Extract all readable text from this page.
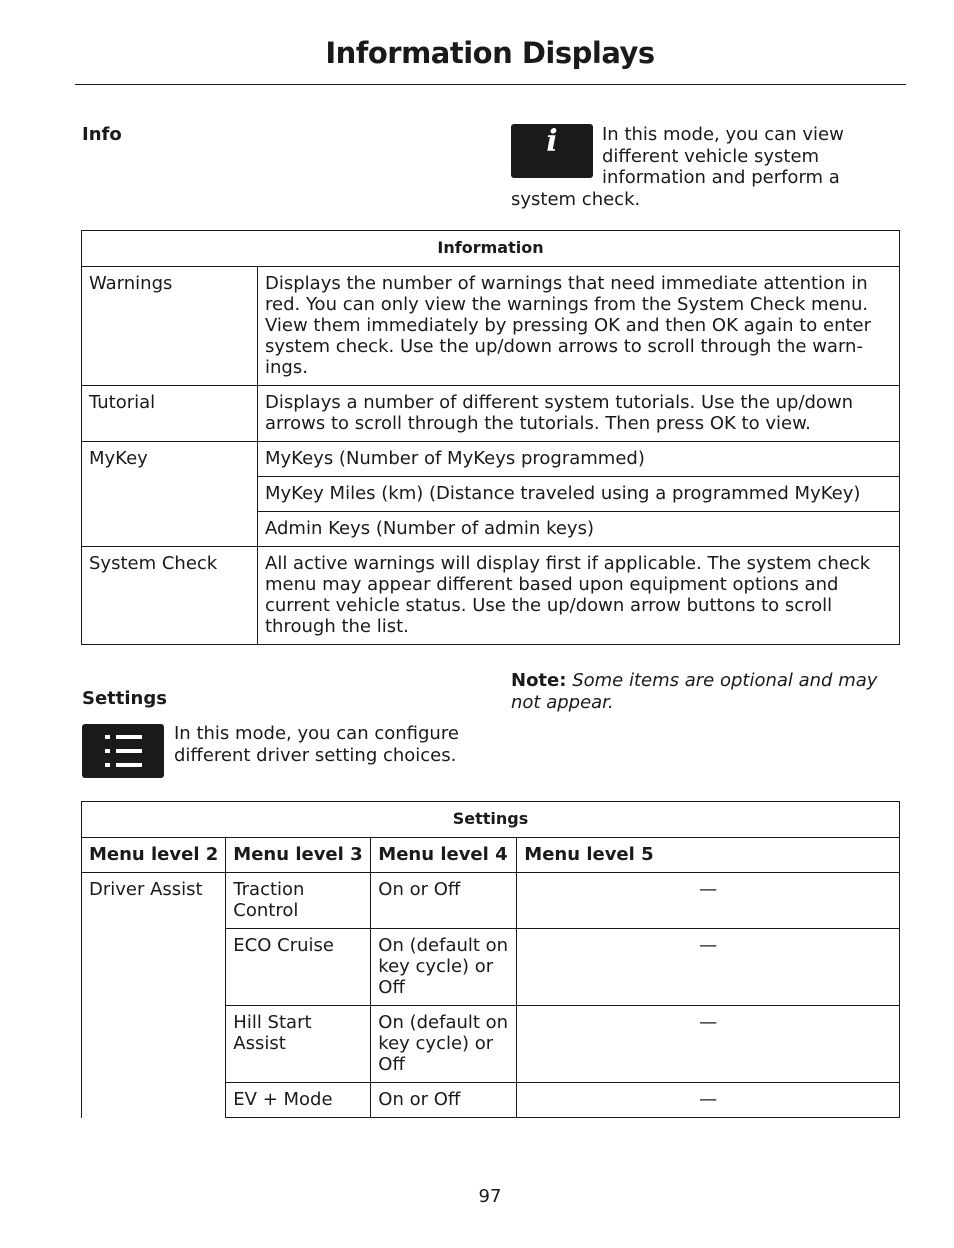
Information Displays
Info	i	In this mode, you can view different vehicle system information and perform a system check.
Information	
Warnings	Displays the number of warnings that need immediate attention in red. You can only view the warnings from the System Check menu. View them immediately by pressing OK and then OK again to enter system check. Use the up/down arrows to scroll through the warn-ings.
Tutorial	Displays a number of different system tutorials. Use the up/down arrows to scroll through the tutorials. Then press OK to view.
MyKey	MyKeys (Number of MyKeys programmed)
	MyKey Miles (km) (Distance traveled using a programmed MyKey)
	Admin Keys (Number of admin keys)
System Check	All active warnings will display first if applicable. The system check menu may appear different based upon equipment options and current vehicle status. Use the up/down arrow buttons to scroll through the list.
Note: Some items are optional and may not appear.
Settings
In this mode, you can configure different driver setting choices.
Settings			
Menu level 2	Menu level 3	Menu level 4	Menu level 5
Driver Assist	Traction Control	On or Off	—
	ECO Cruise	On (default on key cycle) or Off	—
	Hill Start Assist	On (default on key cycle) or Off	—
	EV + Mode	On or Off	—
97
